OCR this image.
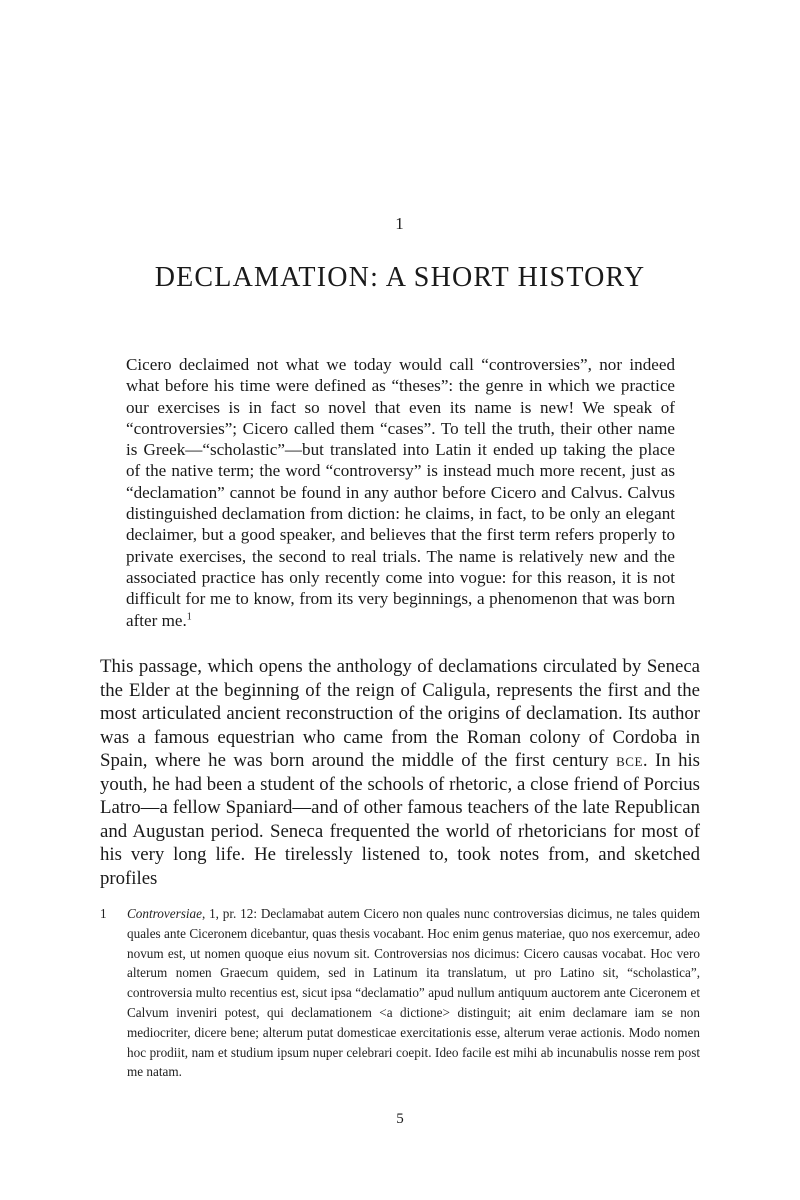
1
DECLAMATION: A SHORT HISTORY

Cicero declaimed not what we today would call “controversies”, nor indeed what before his time were defined as “theses”: the genre in which we practice our exercises is in fact so novel that even its name is new! We speak of “controversies”; Cicero called them “cases”. To tell the truth, their other name is Greek—“scholastic”—but translated into Latin it ended up taking the place of the native term; the word “controversy” is instead much more recent, just as “declamation” cannot be found in any author before Cicero and Calvus. Calvus distinguished declamation from diction: he claims, in fact, to be only an elegant declaimer, but a good speaker, and believes that the first term refers properly to private exercises, the second to real trials. The name is relatively new and the associated practice has only recently come into vogue: for this reason, it is not difficult for me to know, from its very beginnings, a phenomenon that was born after me.$^1$

This passage, which opens the anthology of declamations circulated by Seneca the Elder at the beginning of the reign of Caligula, represents the first and the most articulated ancient reconstruction of the origins of declamation. Its author was a famous equestrian who came from the Roman colony of Cordoba in Spain, where he was born around the middle of the first century bce. In his youth, he had been a student of the schools of rhetoric, a close friend of Porcius Latro—a fellow Spaniard—and of other famous teachers of the late Republican and Augustan period. Seneca frequented the world of rhetoricians for most of his very long life. He tirelessly listened to, took notes from, and sketched profiles

1 Controversiae, 1, pr. 12: Declamabat autem Cicero non quales nunc controversias dicimus, ne tales quidem quales ante Ciceronem dicebantur, quas thesis vocabant. Hoc enim genus materiae, quo nos exercemur, adeo novum est, ut nomen quoque eius novum sit. Controversias nos dicimus: Cicero causas vocabat. Hoc vero alterum nomen Graecum quidem, sed in Latinum ita translatum, ut pro Latino sit, “scholastica”, controversia multo recentius est, sicut ipsa “declamatio” apud nullum antiquum auctorem ante Ciceronem et Calvum inveniri potest, qui declamationem <a dictione> distinguit; ait enim declamare iam se non mediocriter, dicere bene; alterum putat domesticae exercitationis esse, alterum verae actionis. Modo nomen hoc prodiit, nam et studium ipsum nuper celebrari coepit. Ideo facile est mihi ab incunabulis nosse rem post me natam.
5
